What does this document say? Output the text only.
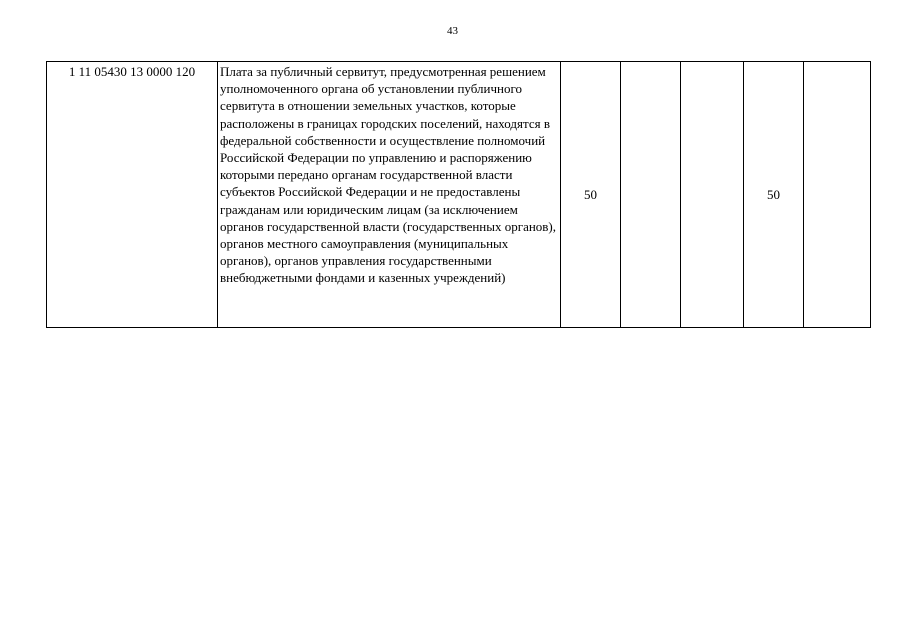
43
1 11 05430 13 0000 120	Плата за публичный сервитут, предусмотренная решением уполномоченного органа об установлении публичного сервитута в отношении земельных участков, которые расположены в границах городских поселений, находятся в федеральной собственности и осуществление полномочий Российской Федерации по управлению и распоряжению которыми передано органам государственной власти субъектов Российской Федерации и не предоставлены гражданам или юридическим лицам (за исключением органов государственной власти (государственных органов), органов местного самоуправления (муниципальных органов), органов управления государственными внебюджетными фондами и казенных учреждений)	50			50	
